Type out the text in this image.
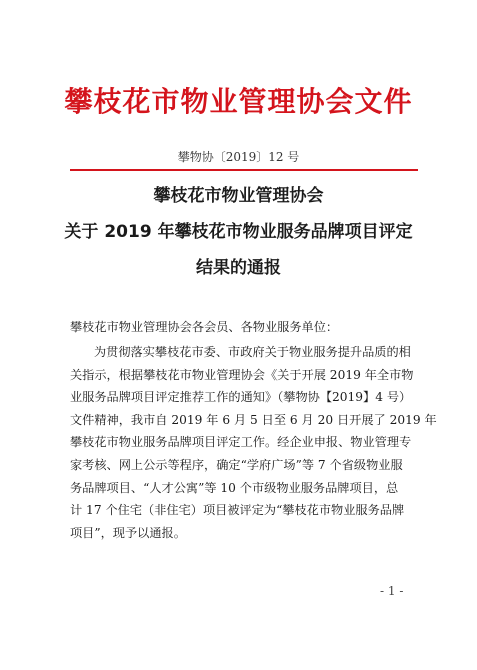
攀枝花市物业管理协会文件
攀物协〔2019〕12 号
攀枝花市物业管理协会
关于 2019 年攀枝花市物业服务品牌项目评定
结果的通报
攀枝花市物业管理协会各会员、各物业服务单位：
为贯彻落实攀枝花市委、市政府关于物业服务提升品质的相
关指示，根据攀枝花市物业管理协会《关于开展 2019 年全市物
业服务品牌项目评定推荐工作的通知》（攀物协【2019】4 号）
文件精神，我市自 2019 年 6 月 5 日至 6 月 20 日开展了 2019 年
攀枝花市物业服务品牌项目评定工作。经企业申报、物业管理专
家考核、网上公示等程序，确定“学府广场”等 7 个省级物业服
务品牌项目、“人才公寓”等 10 个市级物业服务品牌项目，总
计 17 个住宅（非住宅）项目被评定为“攀枝花市物业服务品牌
项目”，现予以通报。
- 1 -
